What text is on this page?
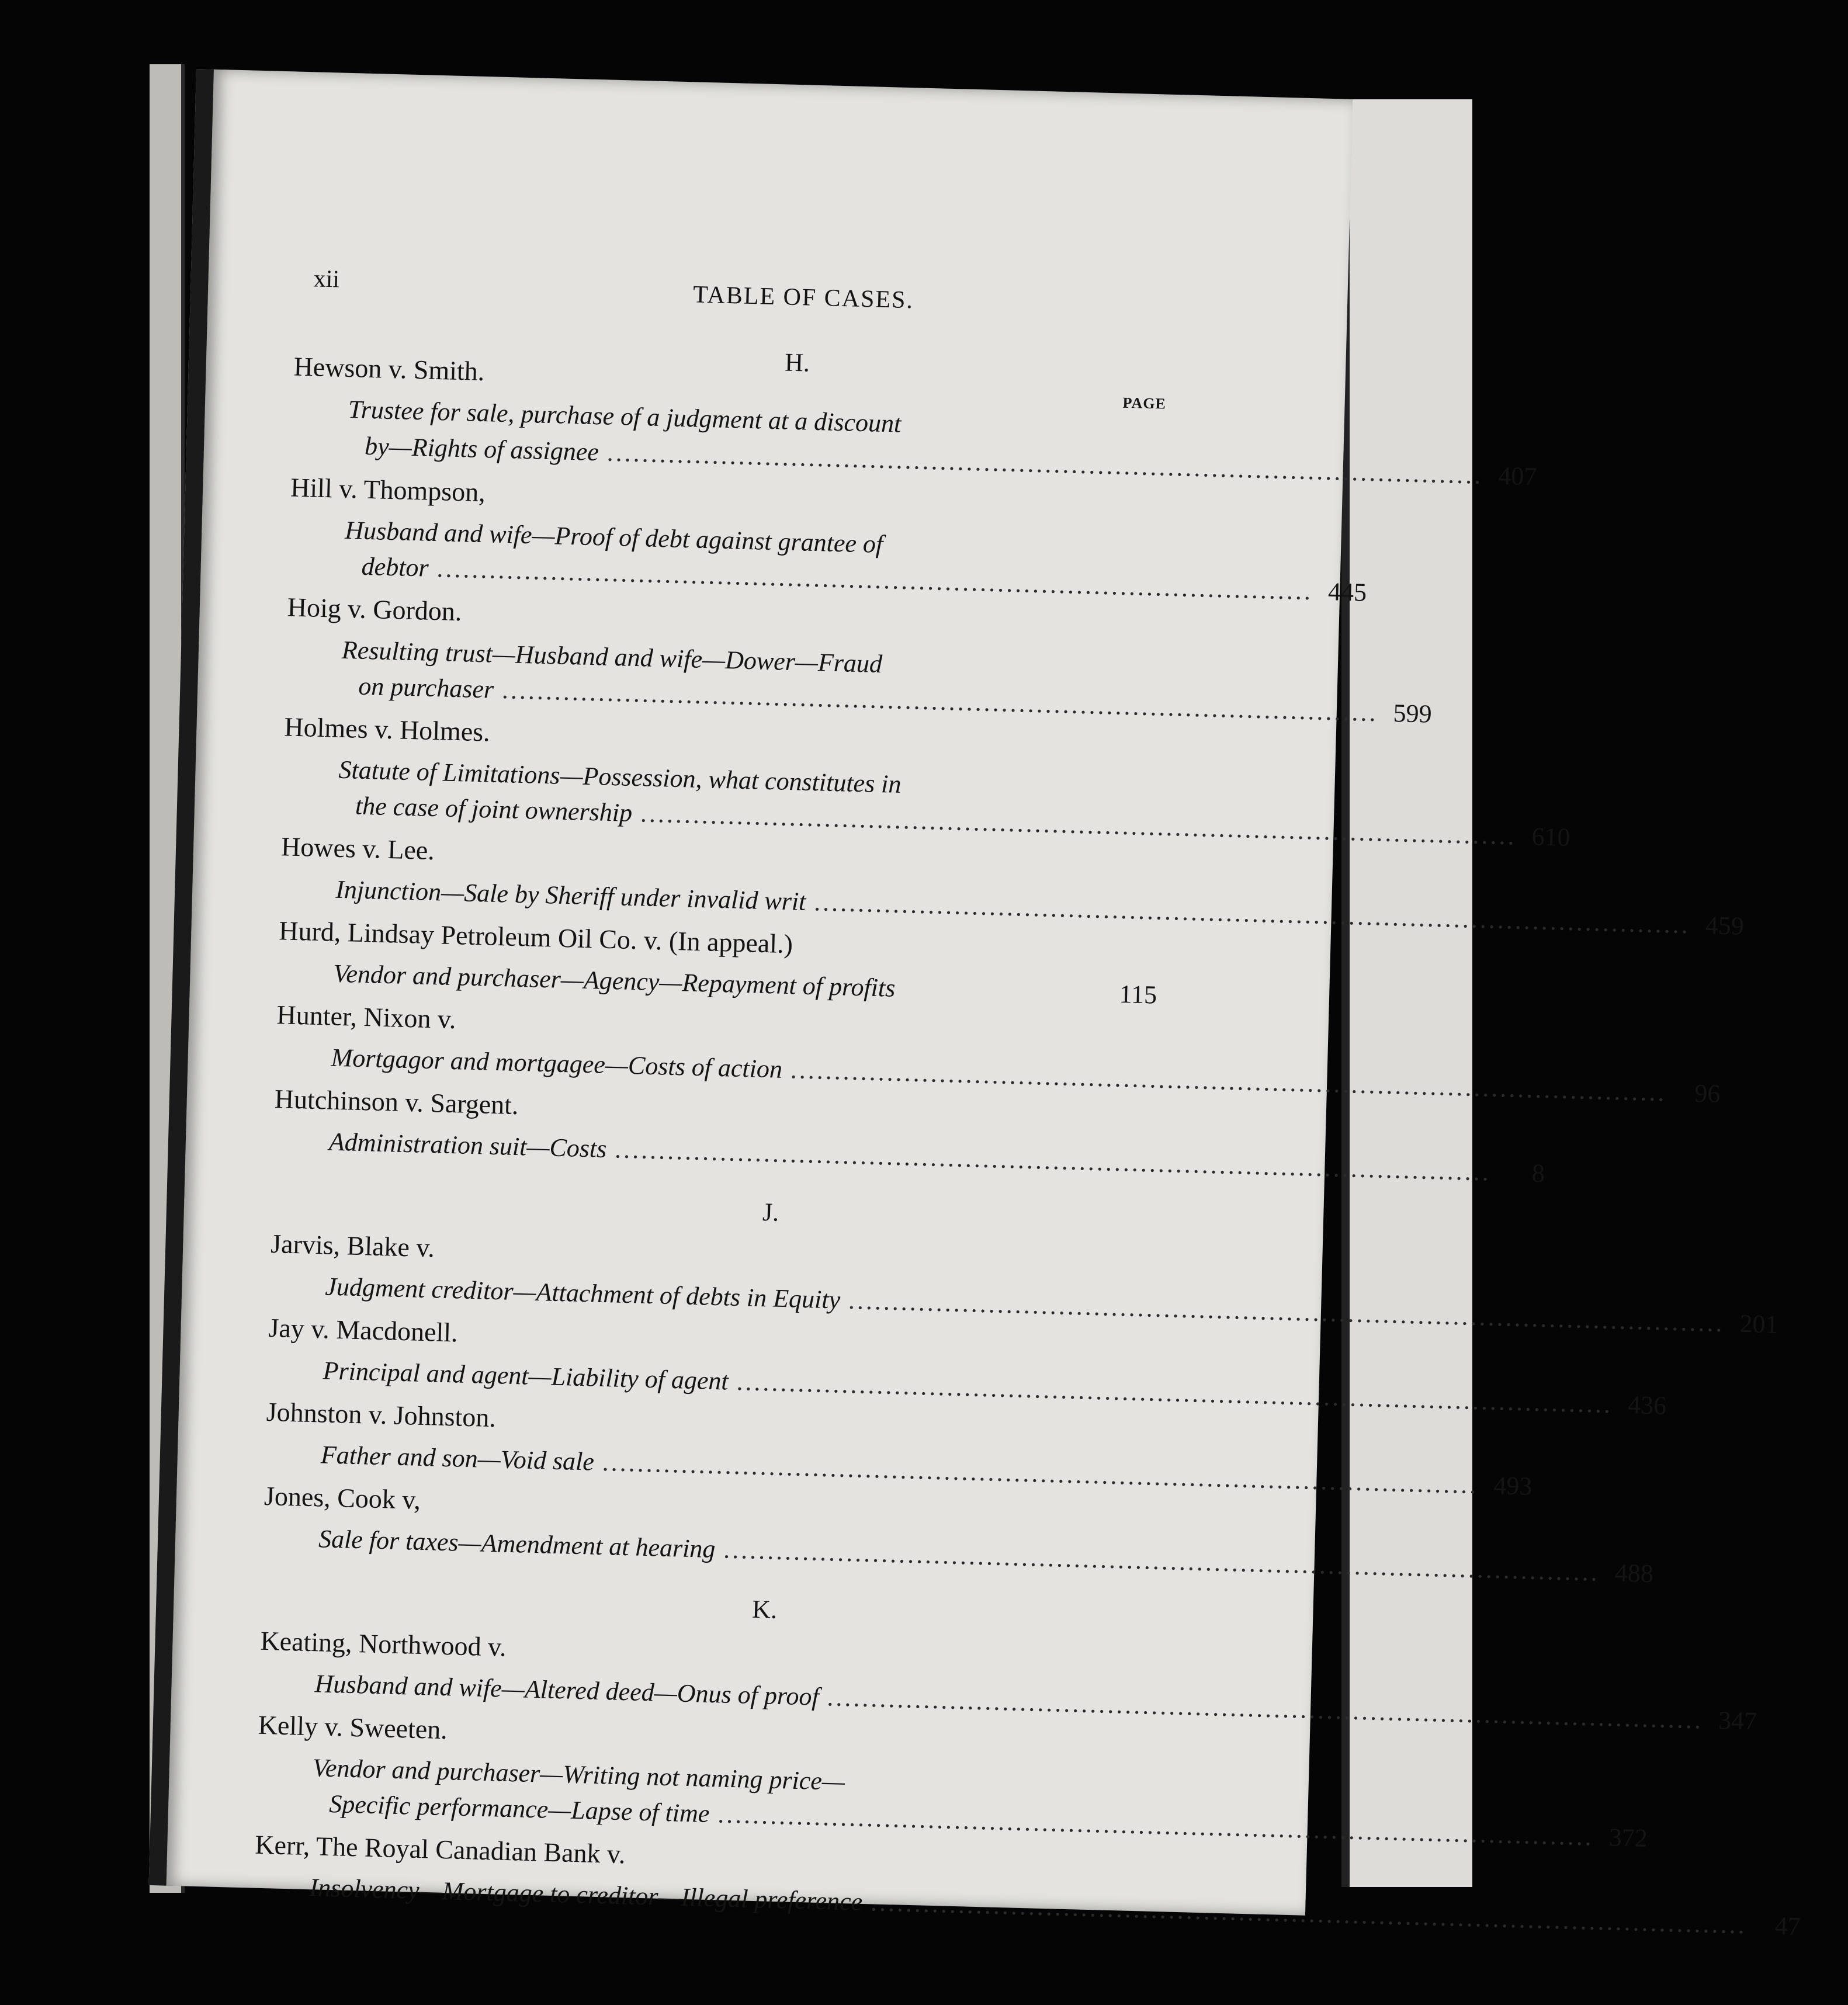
xii
TABLE OF CASES.
H.
PAGE
Hewson v. Smith.
Trustee for sale, purchase of a judgment at a discount
by—Rights of assignee .................................................................................................... 407
Hill v. Thompson,
Husband and wife—Proof of debt against grantee of
debtor .................................................................................................... 445
Hoig v. Gordon.
Resulting trust—Husband and wife—Dower—Fraud
on purchaser .................................................................................................... 599
Holmes v. Holmes.
Statute of Limitations—Possession, what constitutes in
the case of joint ownership .................................................................................................... 610
Howes v. Lee.
Injunction—Sale by Sheriff under invalid writ .................................................................................................... 459
Hurd, Lindsay Petroleum Oil Co. v. (In appeal.)
Vendor and purchaser—Agency—Repayment of profits	115
Hunter, Nixon v.
Mortgagor and mortgagee—Costs of action ....................................................................................................	96
Hutchinson v. Sargent.
Administration suit—Costs ....................................................................................................	8
J.
Jarvis, Blake v.
Judgment creditor—Attachment of debts in Equity .................................................................................................... 201
Jay v. Macdonell.
Principal and agent—Liability of agent .................................................................................................... 436
Johnston v. Johnston.
Father and son—Void sale .................................................................................................... 493
Jones, Cook v,
Sale for taxes—Amendment at hearing .................................................................................................... 488
K.
Keating, Northwood v.
Husband and wife—Altered deed—Onus of proof .................................................................................................... 347
Kelly v. Sweeten.
Vendor and purchaser—Writing not naming price—
Specific performance—Lapse of time .................................................................................................... 372
Kerr, The Royal Canadian Bank v.
Insolvency—Mortgage to creditor—Illegal preference ....................................................................................................	47
